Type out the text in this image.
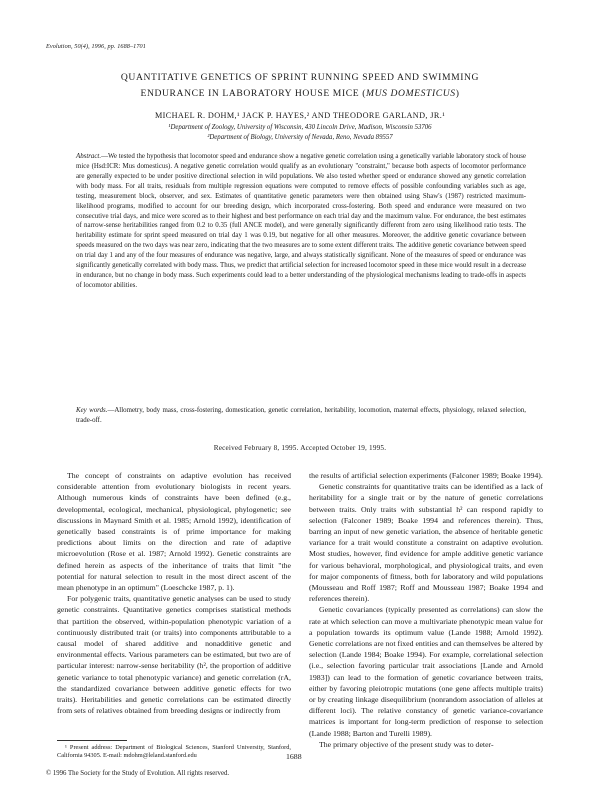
Evolution, 50(4), 1996, pp. 1688–1701
QUANTITATIVE GENETICS OF SPRINT RUNNING SPEED AND SWIMMING
ENDURANCE IN LABORATORY HOUSE MICE (MUS DOMESTICUS)
MICHAEL R. DOHM,¹ JACK P. HAYES,² AND THEODORE GARLAND, JR.¹
¹Department of Zoology, University of Wisconsin, 430 Lincoln Drive, Madison, Wisconsin 53706
²Department of Biology, University of Nevada, Reno, Nevada 89557
Abstract.—We tested the hypothesis that locomotor speed and endurance show a negative genetic correlation using a genetically variable laboratory stock of house mice (Hsd:ICR: Mus domesticus). A negative genetic correlation would qualify as an evolutionary "constraint," because both aspects of locomotor performance are generally expected to be under positive directional selection in wild populations. We also tested whether speed or endurance showed any genetic correlation with body mass. For all traits, residuals from multiple regression equations were computed to remove effects of possible confounding variables such as age, testing, measurement block, observer, and sex. Estimates of quantitative genetic parameters were then obtained using Shaw's (1987) restricted maximum-likelihood programs, modified to account for our breeding design, which incorporated cross-fostering. Both speed and endurance were measured on two consecutive trial days, and mice were scored as to their highest and best performance on each trial day and the maximum value. For endurance, the best estimates of narrow-sense heritabilities ranged from 0.2 to 0.35 (full ANCE model), and were generally significantly different from zero using likelihood ratio tests. The heritability estimate for sprint speed measured on trial day 1 was 0.19, but negative for all other measures. Moreover, the additive genetic covariance between speeds measured on the two days was near zero, indicating that the two measures are to some extent different traits. The additive genetic covariance between speed on trial day 1 and any of the four measures of endurance was negative, large, and always statistically significant. None of the measures of speed or endurance was significantly genetically correlated with body mass. Thus, we predict that artificial selection for increased locomotor speed in these mice would result in a decrease in endurance, but no change in body mass. Such experiments could lead to a better understanding of the physiological mechanisms leading to trade-offs in aspects of locomotor abilities.
Key words.—Allometry, body mass, cross-fostering, domestication, genetic correlation, heritability, locomotion, maternal effects, physiology, relaxed selection, trade-off.
Received February 8, 1995. Accepted October 19, 1995.

The concept of constraints on adaptive evolution has received considerable attention from evolutionary biologists in recent years. Although numerous kinds of constraints have been defined (e.g., developmental, ecological, mechanical, physiological, phylogenetic; see discussions in Maynard Smith et al. 1985; Arnold 1992), identification of genetically based constraints is of prime importance for making predictions about limits on the direction and rate of adaptive microevolution (Rose et al. 1987; Arnold 1992). Genetic constraints are defined herein as aspects of the inheritance of traits that limit "the potential for natural selection to result in the most direct ascent of the mean phenotype in an optimum" (Loeschcke 1987, p. 1).

For polygenic traits, quantitative genetic analyses can be used to study genetic constraints. Quantitative genetics comprises statistical methods that partition the observed, within-population phenotypic variation of a continuously distributed trait (or traits) into components attributable to a causal model of shared additive and nonadditive genetic and environmental effects. Various parameters can be estimated, but two are of particular interest: narrow-sense heritability (h², the proportion of additive genetic variance to total phenotypic variance) and genetic correlation (rA, the standardized covariance between additive genetic effects for two traits). Heritabilities and genetic correlations can be estimated directly from sets of relatives obtained from breeding designs or indirectly from

the results of artificial selection experiments (Falconer 1989; Boake 1994).

Genetic constraints for quantitative traits can be identified as a lack of heritability for a single trait or by the nature of genetic correlations between traits. Only traits with substantial h² can respond rapidly to selection (Falconer 1989; Boake 1994 and references therein). Thus, barring an input of new genetic variation, the absence of heritable genetic variance for a trait would constitute a constraint on adaptive evolution. Most studies, however, find evidence for ample additive genetic variance for various behavioral, morphological, and physiological traits, and even for major components of fitness, both for laboratory and wild populations (Mousseau and Roff 1987; Roff and Mousseau 1987; Boake 1994 and references therein).

Genetic covariances (typically presented as correlations) can slow the rate at which selection can move a multivariate phenotypic mean value for a population towards its optimum value (Lande 1988; Arnold 1992). Genetic correlations are not fixed entities and can themselves be altered by selection (Lande 1984; Boake 1994). For example, correlational selection (i.e., selection favoring particular trait associations [Lande and Arnold 1983]) can lead to the formation of genetic covariance between traits, either by favoring pleiotropic mutations (one gene affects multiple traits) or by creating linkage disequilibrium (nonrandom association of alleles at different loci). The relative constancy of genetic variance-covariance matrices is important for long-term prediction of response to selection (Lande 1988; Barton and Turelli 1989).

The primary objective of the present study was to deter-

¹ Present address: Department of Biological Sciences, Stanford University, Stanford, California 94305. E-mail: mdohm@leland.stanford.edu	1688
© 1996 The Society for the Study of Evolution. All rights reserved.
